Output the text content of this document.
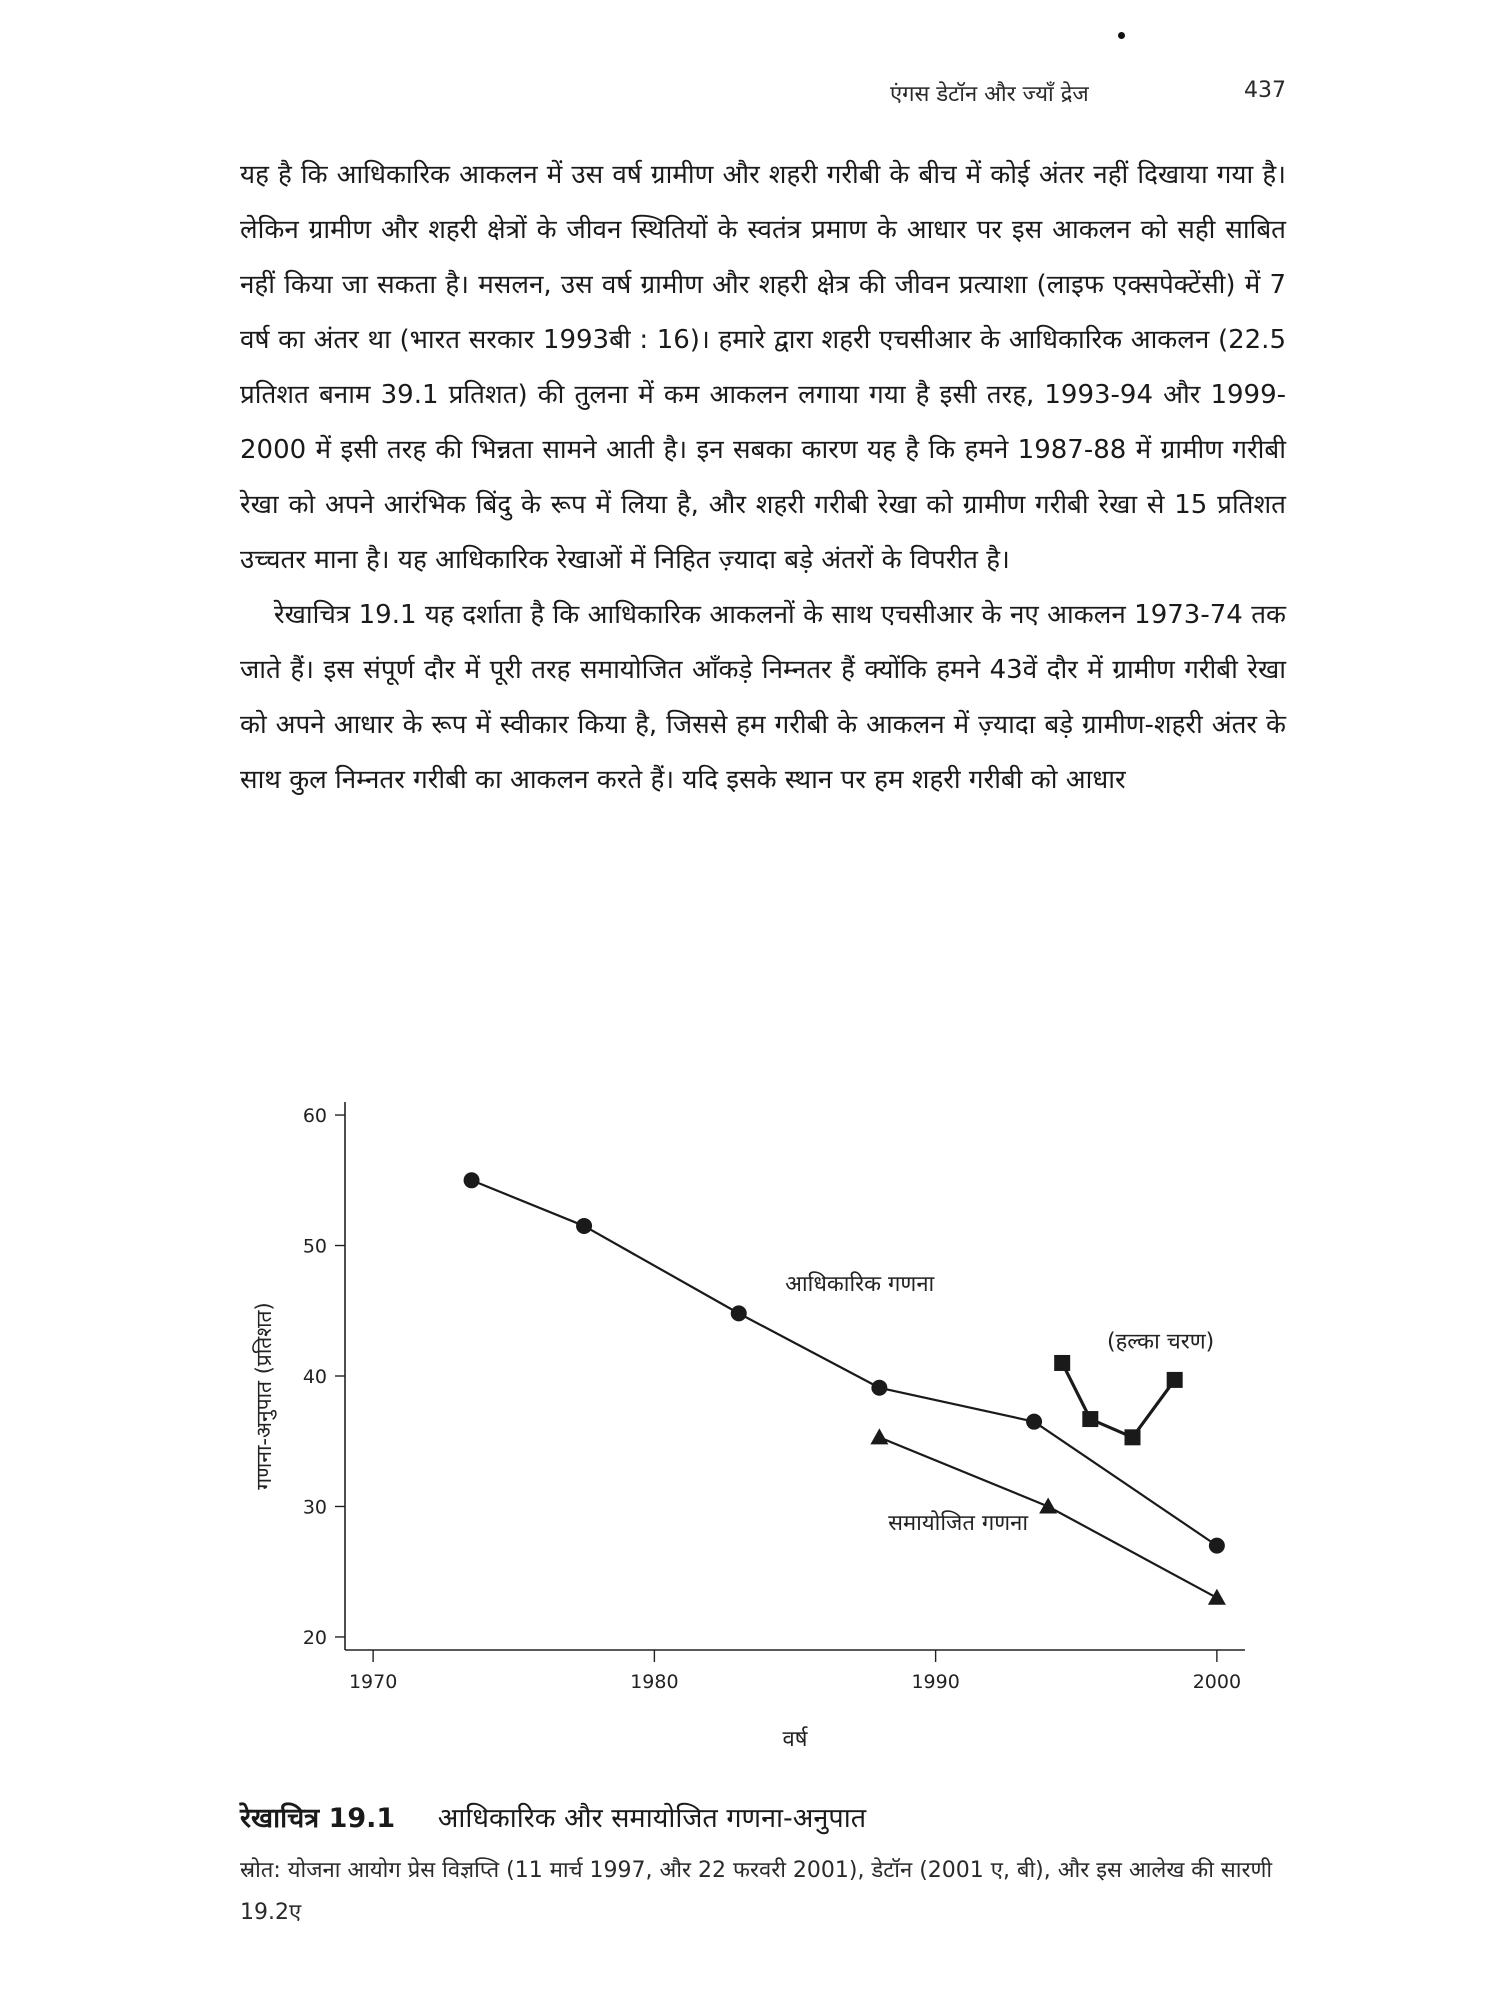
एंगस डेटॉन और ज्याँ द्रेज	437

यह है कि आधिकारिक आकलन में उस वर्ष ग्रामीण और शहरी गरीबी के बीच में कोई अंतर नहीं दिखाया गया है। लेकिन ग्रामीण और शहरी क्षेत्रों के जीवन स्थितियों के स्वतंत्र प्रमाण के आधार पर इस आकलन को सही साबित नहीं किया जा सकता है। मसलन, उस वर्ष ग्रामीण और शहरी क्षेत्र की जीवन प्रत्याशा (लाइफ एक्सपेक्टेंसी) में 7 वर्ष का अंतर था (भारत सरकार 1993बी : 16)। हमारे द्वारा शहरी एचसीआर के आधिकारिक आकलन (22.5 प्रतिशत बनाम 39.1 प्रतिशत) की तुलना में कम आकलन लगाया गया है इसी तरह, 1993-94 और 1999-2000 में इसी तरह की भिन्नता सामने आती है। इन सबका कारण यह है कि हमने 1987-88 में ग्रामीण गरीबी रेखा को अपने आरंभिक बिंदु के रूप में लिया है, और शहरी गरीबी रेखा को ग्रामीण गरीबी रेखा से 15 प्रतिशत उच्चतर माना है। यह आधिकारिक रेखाओं में निहित ज़्यादा बड़े अंतरों के विपरीत है।

रेखाचित्र 19.1 यह दर्शाता है कि आधिकारिक आकलनों के साथ एचसीआर के नए आकलन 1973-74 तक जाते हैं। इस संपूर्ण दौर में पूरी तरह समायोजित आँकड़े निम्नतर हैं क्योंकि हमने 43वें दौर में ग्रामीण गरीबी रेखा को अपने आधार के रूप में स्वीकार किया है, जिससे हम गरीबी के आकलन में ज़्यादा बड़े ग्रामीण-शहरी अंतर के साथ कुल निम्नतर गरीबी का आकलन करते हैं। यदि इसके स्थान पर हम शहरी गरीबी को आधार

20
30
40
50
60
1970	1980	1990	2000
वर्ष
गणना-अनुपात (प्रतिशत)
आधिकारिक गणना
समायोजित गणना
(हल्का चरण)
रेखाचित्र 19.1 आधिकारिक और समायोजित गणना-अनुपात
स्रोत: योजना आयोग प्रेस विज्ञप्ति (11 मार्च 1997, और 22 फरवरी 2001), डेटॉन (2001 ए, बी), और इस आलेख की सारणी 19.2ए
